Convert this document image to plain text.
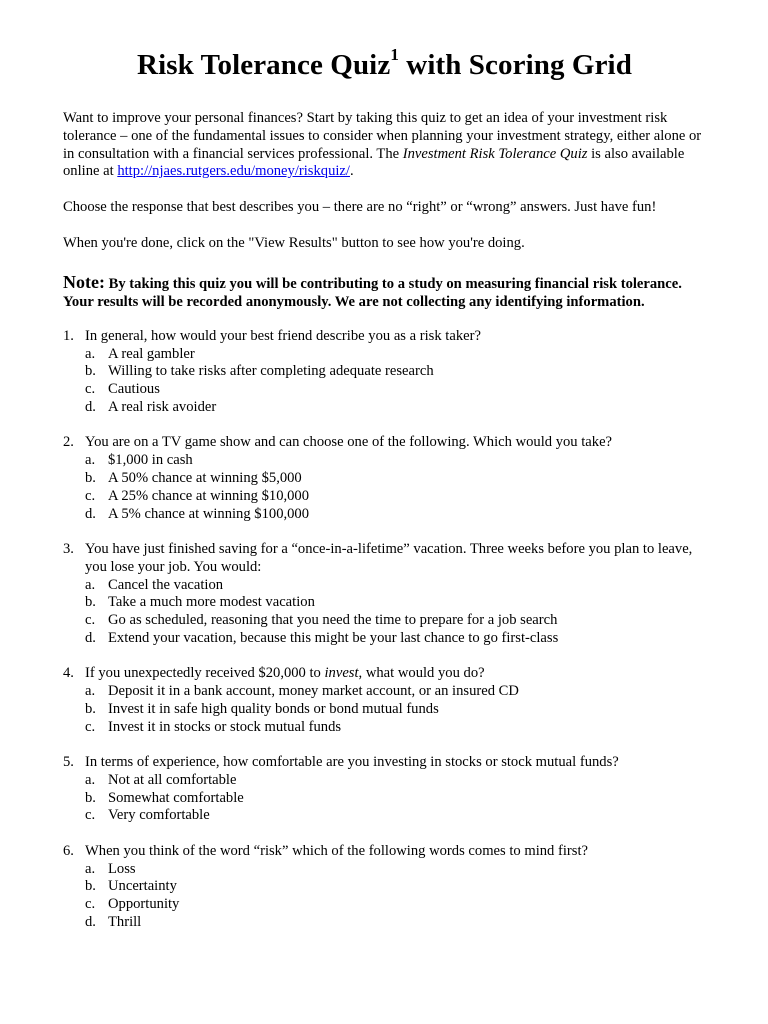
Risk Tolerance Quiz$^1$ with Scoring Grid

Want to improve your personal finances? Start by taking this quiz to get an idea of your investment risk tolerance – one of the fundamental issues to consider when planning your investment strategy, either alone or in consultation with a financial services professional. The Investment Risk Tolerance Quiz is also available online at http://njaes.rutgers.edu/money/riskquiz/.

Choose the response that best describes you – there are no “right” or “wrong” answers. Just have fun!

When you're done, click on the "View Results" button to see how you're doing.

Note: By taking this quiz you will be contributing to a study on measuring financial risk tolerance. Your results will be recorded anonymously. We are not collecting any identifying information.

1. In general, how would your best friend describe you as a risk taker?
a. A real gambler
b. Willing to take risks after completing adequate research
c. Cautious
d. A real risk avoider
2. You are on a TV game show and can choose one of the following. Which would you take?
a. $1,000 in cash
b. A 50% chance at winning $5,000
c. A 25% chance at winning $10,000
d. A 5% chance at winning $100,000
3. You have just finished saving for a “once-in-a-lifetime” vacation. Three weeks before you plan to leave, you lose your job. You would:
a. Cancel the vacation
b. Take a much more modest vacation
c. Go as scheduled, reasoning that you need the time to prepare for a job search
d. Extend your vacation, because this might be your last chance to go first-class
4. If you unexpectedly received $20,000 to invest, what would you do?
a. Deposit it in a bank account, money market account, or an insured CD
b. Invest it in safe high quality bonds or bond mutual funds
c. Invest it in stocks or stock mutual funds
5. In terms of experience, how comfortable are you investing in stocks or stock mutual funds?
a. Not at all comfortable
b. Somewhat comfortable
c. Very comfortable
6. When you think of the word “risk” which of the following words comes to mind first?
a. Loss
b. Uncertainty
c. Opportunity
d. Thrill
